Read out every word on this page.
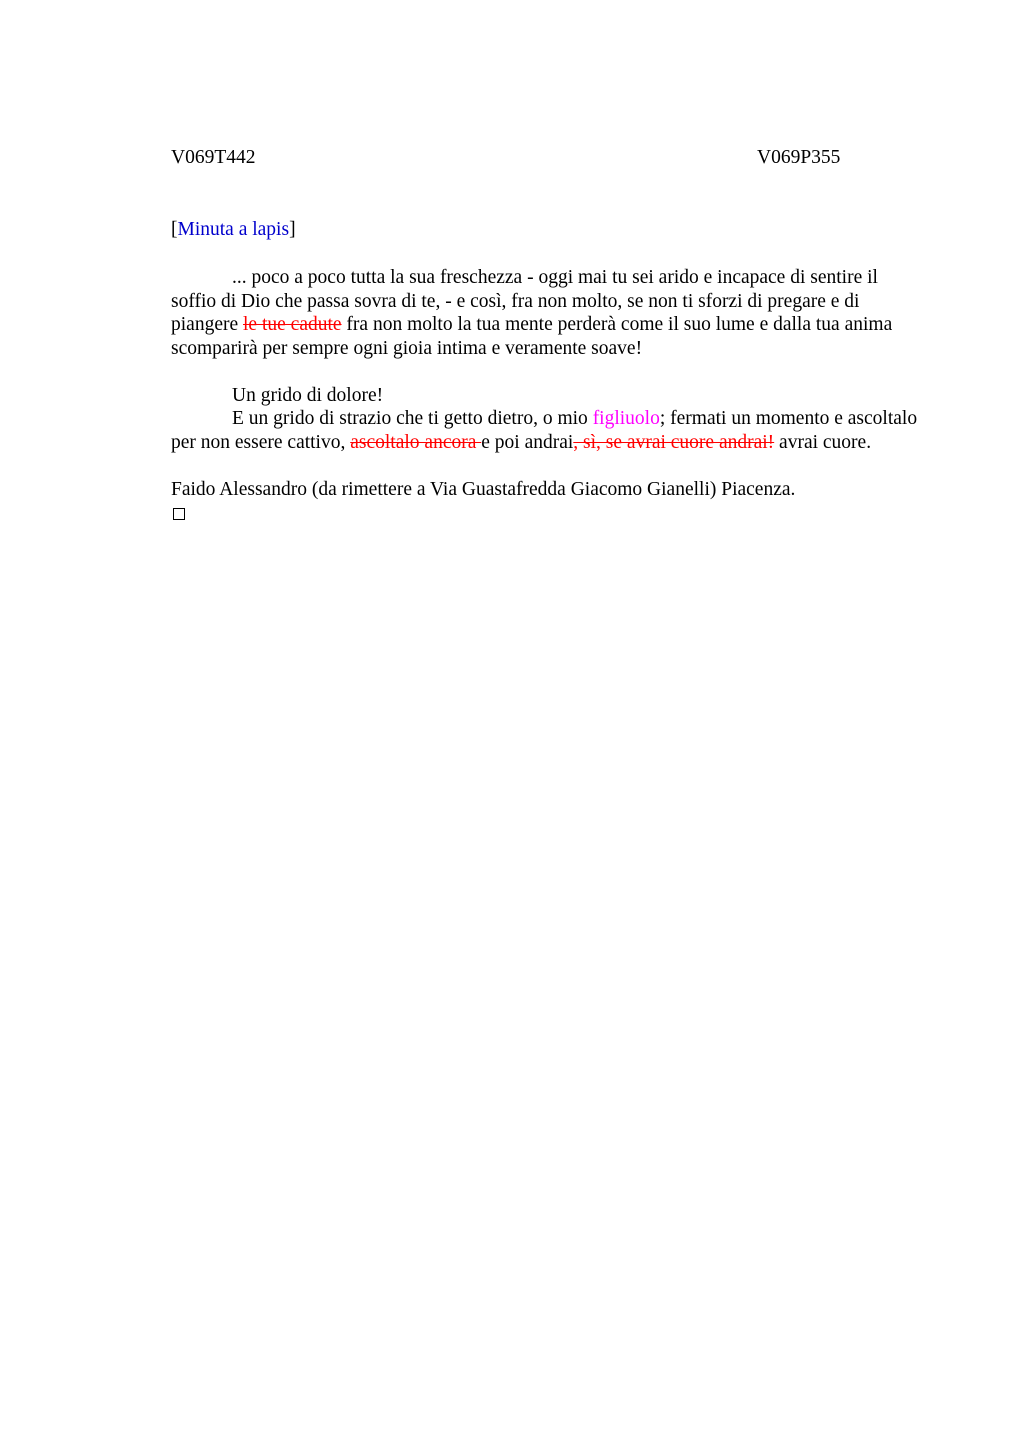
V069T442	V069P355
[Minuta a lapis]

... poco a poco tutta la sua freschezza - oggi mai tu sei arido e incapace di sentire il soffio di Dio che passa sovra di te, - e così, fra non molto, se non ti sforzi di pregare e di piangere le tue cadute fra non molto la tua mente perderà come il suo lume e dalla tua anima scomparirà per sempre ogni gioia intima e veramente soave!

Un grido di dolore!

E un grido di strazio che ti getto dietro, o mio figliuolo; fermati un momento e ascoltalo per non essere cattivo, ascoltalo ancora e poi andrai, sì, se avrai cuore andrai! avrai cuore.

Faido Alessandro (da rimettere a Via Guastafredda Giacomo Gianelli) Piacenza.
